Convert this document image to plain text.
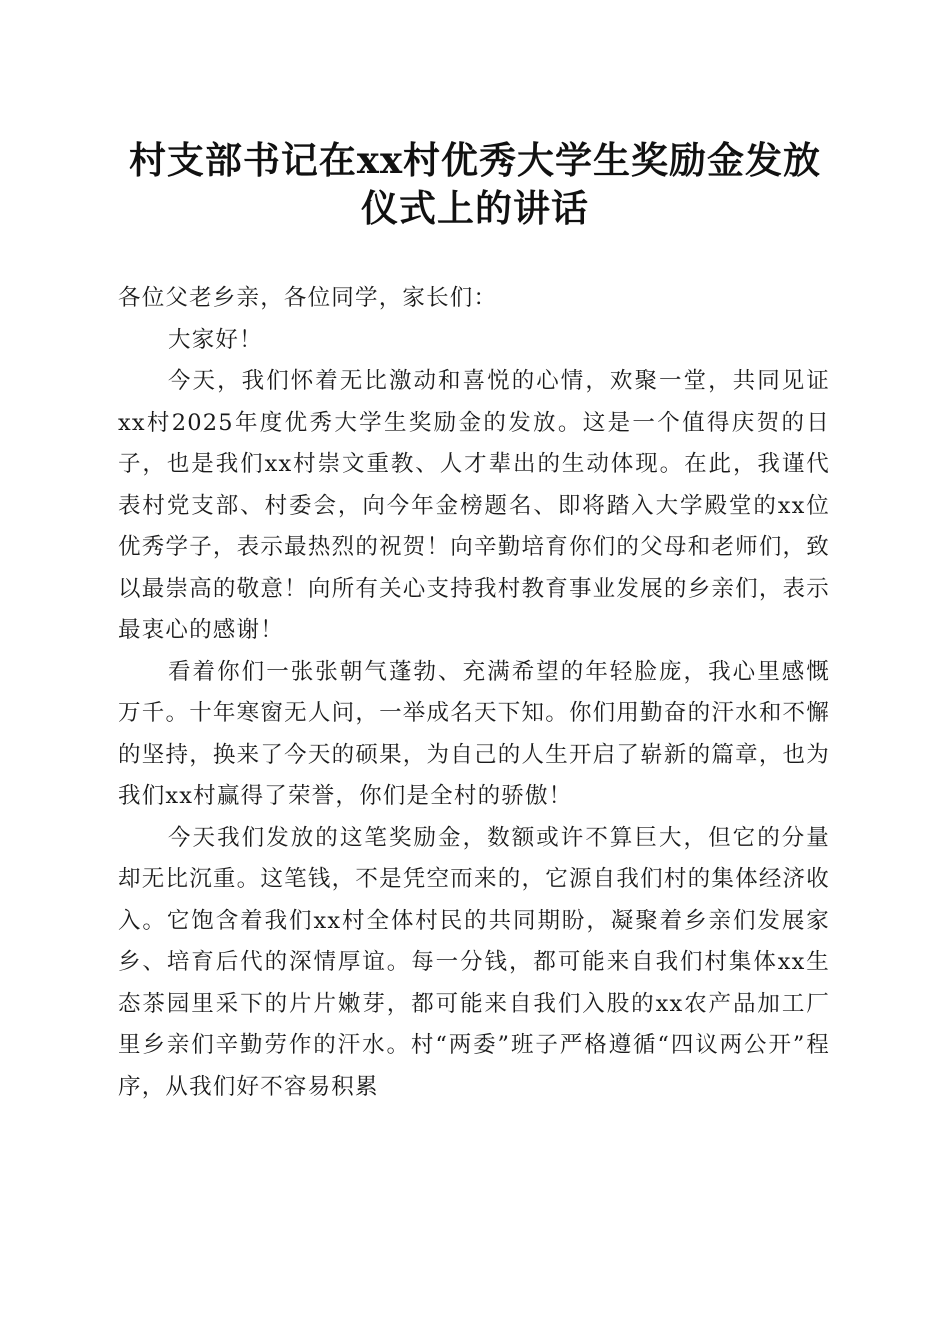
村支部书记在xx村优秀大学生奖励金发放仪式上的讲话

各位父老乡亲，各位同学，家长们：

大家好！

今天，我们怀着无比激动和喜悦的心情，欢聚一堂，共同见证xx村2025年度优秀大学生奖励金的发放。这是一个值得庆贺的日子，也是我们xx村崇文重教、人才辈出的生动体现。在此，我谨代表村党支部、村委会，向今年金榜题名、即将踏入大学殿堂的xx位优秀学子，表示最热烈的祝贺！向辛勤培育你们的父母和老师们，致以最崇高的敬意！向所有关心支持我村教育事业发展的乡亲们，表示最衷心的感谢！

看着你们一张张朝气蓬勃、充满希望的年轻脸庞，我心里感慨万千。十年寒窗无人问，一举成名天下知。你们用勤奋的汗水和不懈的坚持，换来了今天的硕果，为自己的人生开启了崭新的篇章，也为我们xx村赢得了荣誉，你们是全村的骄傲！

今天我们发放的这笔奖励金，数额或许不算巨大，但它的分量却无比沉重。这笔钱，不是凭空而来的，它源自我们村的集体经济收入。它饱含着我们xx村全体村民的共同期盼，凝聚着乡亲们发展家乡、培育后代的深情厚谊。每一分钱，都可能来自我们村集体xx生态茶园里采下的片片嫩芽，都可能来自我们入股的xx农产品加工厂里乡亲们辛勤劳作的汗水。村“两委”班子严格遵循“四议两公开”程序，从我们好不容易积累
